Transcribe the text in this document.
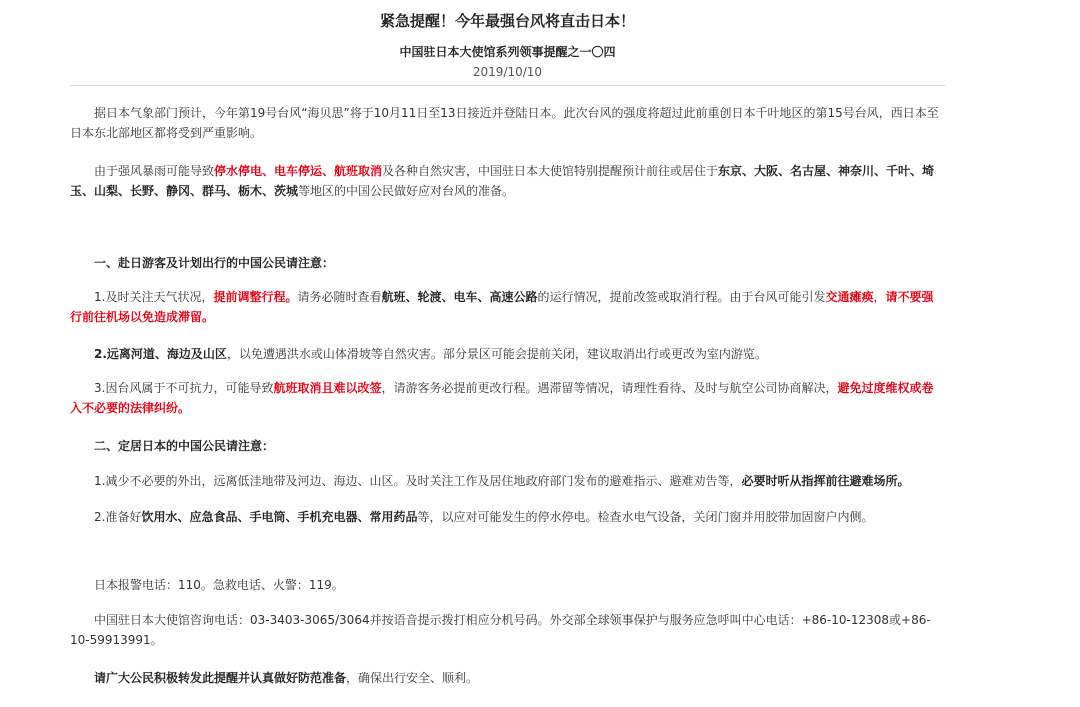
紧急提醒！今年最强台风将直击日本！
中国驻日本大使馆系列领事提醒之一〇四
2019/10/10

据日本气象部门预计，今年第19号台风“海贝思”将于10月11日至13日接近并登陆日本。此次台风的强度将超过此前重创日本千叶地区的第15号台风，西日本至日本东北部地区都将受到严重影响。

由于强风暴雨可能导致停水停电、电车停运、航班取消及各种自然灾害，中国驻日本大使馆特别提醒预计前往或居住于东京、大阪、名古屋、神奈川、千叶、埼玉、山梨、长野、静冈、群马、栃木、茨城等地区的中国公民做好应对台风的准备。

一、赴日游客及计划出行的中国公民请注意：

1.及时关注天气状况，提前调整行程。请务必随时查看航班、轮渡、电车、高速公路的运行情况，提前改签或取消行程。由于台风可能引发交通瘫痪，请不要强行前往机场以免造成滞留。

2.远离河道、海边及山区，以免遭遇洪水或山体滑坡等自然灾害。部分景区可能会提前关闭，建议取消出行或更改为室内游览。

3.因台风属于不可抗力，可能导致航班取消且难以改签，请游客务必提前更改行程。遇滞留等情况，请理性看待、及时与航空公司协商解决，避免过度维权或卷入不必要的法律纠纷。

二、定居日本的中国公民请注意：

1.减少不必要的外出，远离低洼地带及河边、海边、山区。及时关注工作及居住地政府部门发布的避难指示、避难劝告等，必要时听从指挥前往避难场所。

2.准备好饮用水、应急食品、手电筒、手机充电器、常用药品等，以应对可能发生的停水停电。检查水电气设备，关闭门窗并用胶带加固窗户内侧。

日本报警电话：110。急救电话、火警：119。

中国驻日本大使馆咨询电话：03-3403-3065/3064并按语音提示拨打相应分机号码。外交部全球领事保护与服务应急呼叫中心电话：+86-10-12308或+86-10-59913991。

请广大公民积极转发此提醒并认真做好防范准备，确保出行安全、顺利。
